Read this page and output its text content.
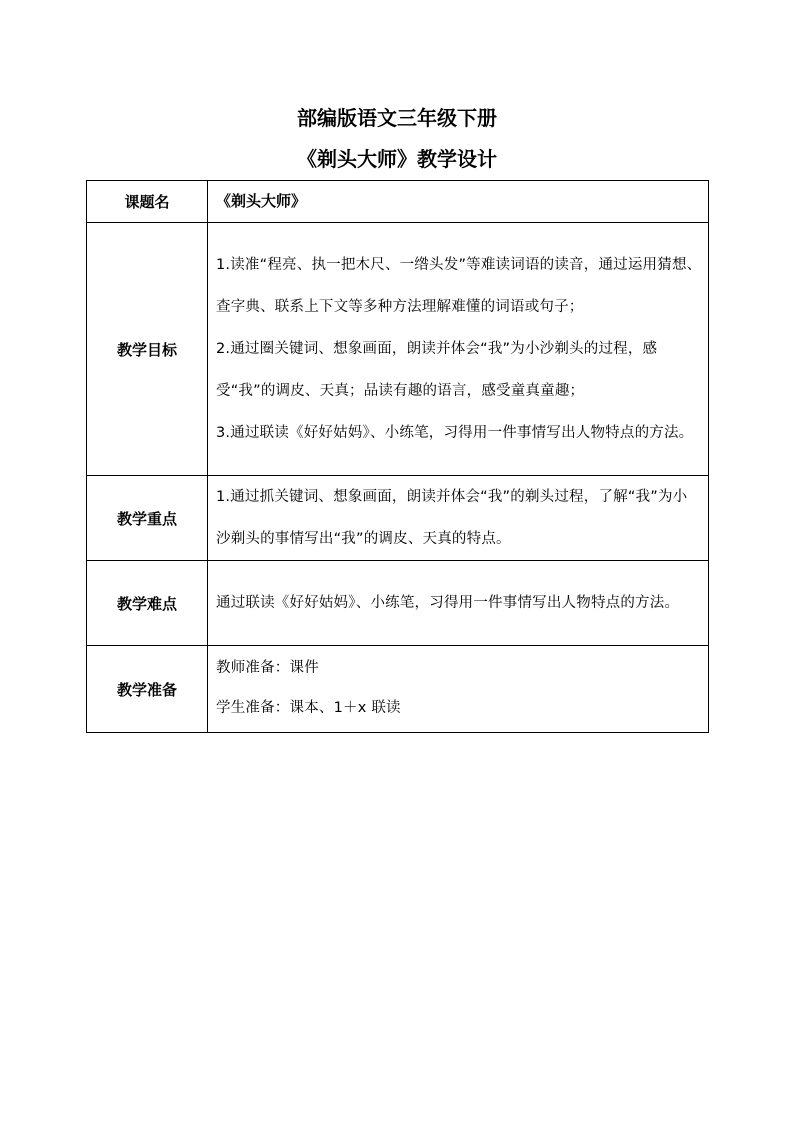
部编版语文三年级下册
《剃头大师》教学设计
课题名	《剃头大师》
教学目标	1.读准“程亮、执一把木尺、一绺头发”等难读词语的读音，通过运用猜想、查字典、联系上下文等多种方法理解难懂的词语或句子；
2.通过圈关键词、想象画面，朗读并体会“我”为小沙剃头的过程，感受“我”的调皮、天真；品读有趣的语言，感受童真童趣；
3.通过联读《好好姑妈》、小练笔，习得用一件事情写出人物特点的方法。

教学重点	1.通过抓关键词、想象画面，朗读并体会“我”的剃头过程，了解“我”为小沙剃头的事情写出“我”的调皮、天真的特点。

教学难点	通过联读《好好姑妈》、小练笔，习得用一件事情写出人物特点的方法。

教学准备	教师准备：课件
学生准备：课本、1＋x 联读
